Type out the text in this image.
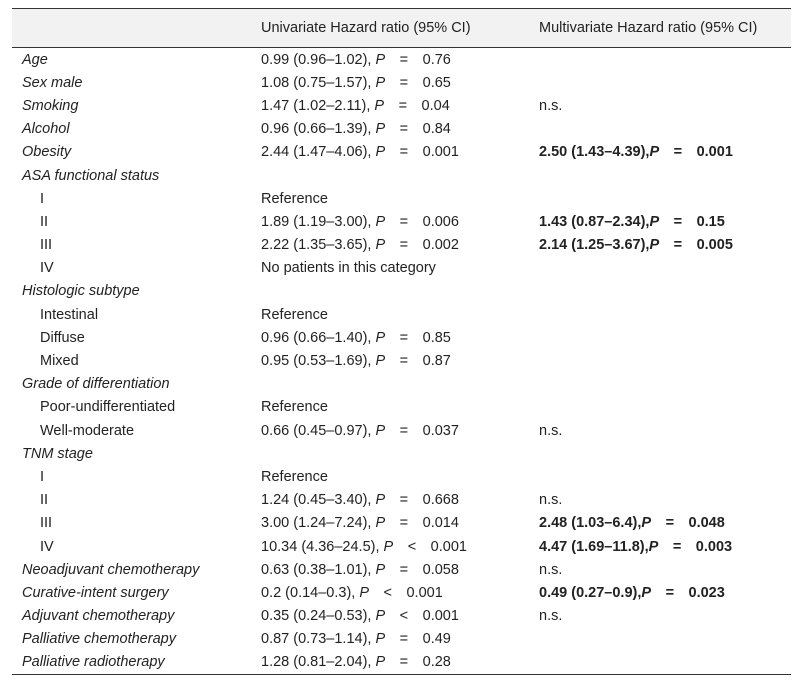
	Univariate Hazard ratio (95% CI)	Multivariate Hazard ratio (95% CI)
Age	0.99 (0.96–1.02), P = 0.76	
Sex male	1.08 (0.75–1.57), P = 0.65	
Smoking	1.47 (1.02–2.11), P = 0.04	n.s.
Alcohol	0.96 (0.66–1.39), P = 0.84	
Obesity	2.44 (1.47–4.06), P = 0.001	2.50 (1.43–4.39),P = 0.001
ASA functional status		
I	Reference	
II	1.89 (1.19–3.00), P = 0.006	1.43 (0.87–2.34),P = 0.15
III	2.22 (1.35–3.65), P = 0.002	2.14 (1.25–3.67),P = 0.005
IV	No patients in this category	
Histologic subtype		
Intestinal	Reference	
Diffuse	0.96 (0.66–1.40), P = 0.85	
Mixed	0.95 (0.53–1.69), P = 0.87	
Grade of differentiation		
Poor-undifferentiated	Reference	
Well-moderate	0.66 (0.45–0.97), P = 0.037	n.s.
TNM stage		
I	Reference	
II	1.24 (0.45–3.40), P = 0.668	n.s.
III	3.00 (1.24–7.24), P = 0.014	2.48 (1.03–6.4),P = 0.048
IV	10.34 (4.36–24.5), P < 0.001	4.47 (1.69–11.8),P = 0.003
Neoadjuvant chemotherapy	0.63 (0.38–1.01), P = 0.058	n.s.
Curative-intent surgery	0.2 (0.14–0.3), P < 0.001	0.49 (0.27–0.9),P = 0.023
Adjuvant chemotherapy	0.35 (0.24–0.53), P < 0.001	n.s.
Palliative chemotherapy	0.87 (0.73–1.14), P = 0.49	
Palliative radiotherapy	1.28 (0.81–2.04), P = 0.28	
